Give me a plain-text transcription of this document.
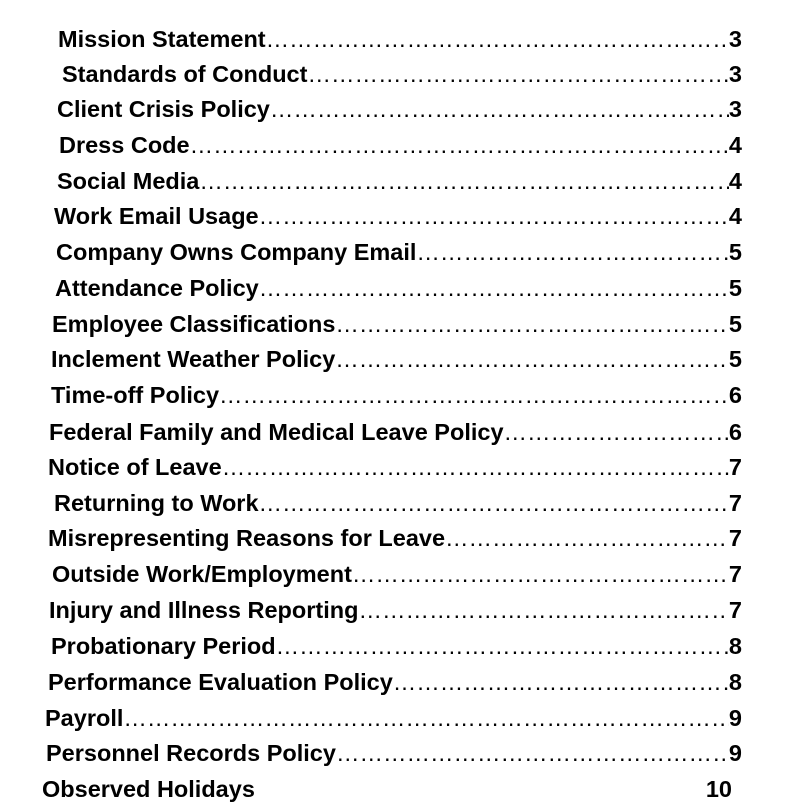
Mission Statement ……………………………………………………………………………………………………………………………………………………………	3
Standards of Conduct ……………………………………………………………………………………………………………………………………………………………	3
Client Crisis Policy ……………………………………………………………………………………………………………………………………………………………	3
Dress Code ……………………………………………………………………………………………………………………………………………………………	4
Social Media ……………………………………………………………………………………………………………………………………………………………	4
Work Email Usage ……………………………………………………………………………………………………………………………………………………………	4
Company Owns Company Email ……………………………………………………………………………………………………………………………………………………………	5
Attendance Policy ……………………………………………………………………………………………………………………………………………………………	5
Employee Classifications ……………………………………………………………………………………………………………………………………………………………	5
Inclement Weather Policy ……………………………………………………………………………………………………………………………………………………………	5
Time-off Policy ……………………………………………………………………………………………………………………………………………………………	6
Federal Family and Medical Leave Policy ……………………………………………………………………………………………………………………………………………………………	6
Notice of Leave ……………………………………………………………………………………………………………………………………………………………	7
Returning to Work ……………………………………………………………………………………………………………………………………………………………	7
Misrepresenting Reasons for Leave ……………………………………………………………………………………………………………………………………………………………	7
Outside Work/Employment ……………………………………………………………………………………………………………………………………………………………	7
Injury and Illness Reporting ……………………………………………………………………………………………………………………………………………………………	7
Probationary Period ……………………………………………………………………………………………………………………………………………………………	8
Performance Evaluation Policy ……………………………………………………………………………………………………………………………………………………………	8
Payroll ……………………………………………………………………………………………………………………………………………………………	9
Personnel Records Policy ……………………………………………………………………………………………………………………………………………………………	9
Observed Holidays	10
